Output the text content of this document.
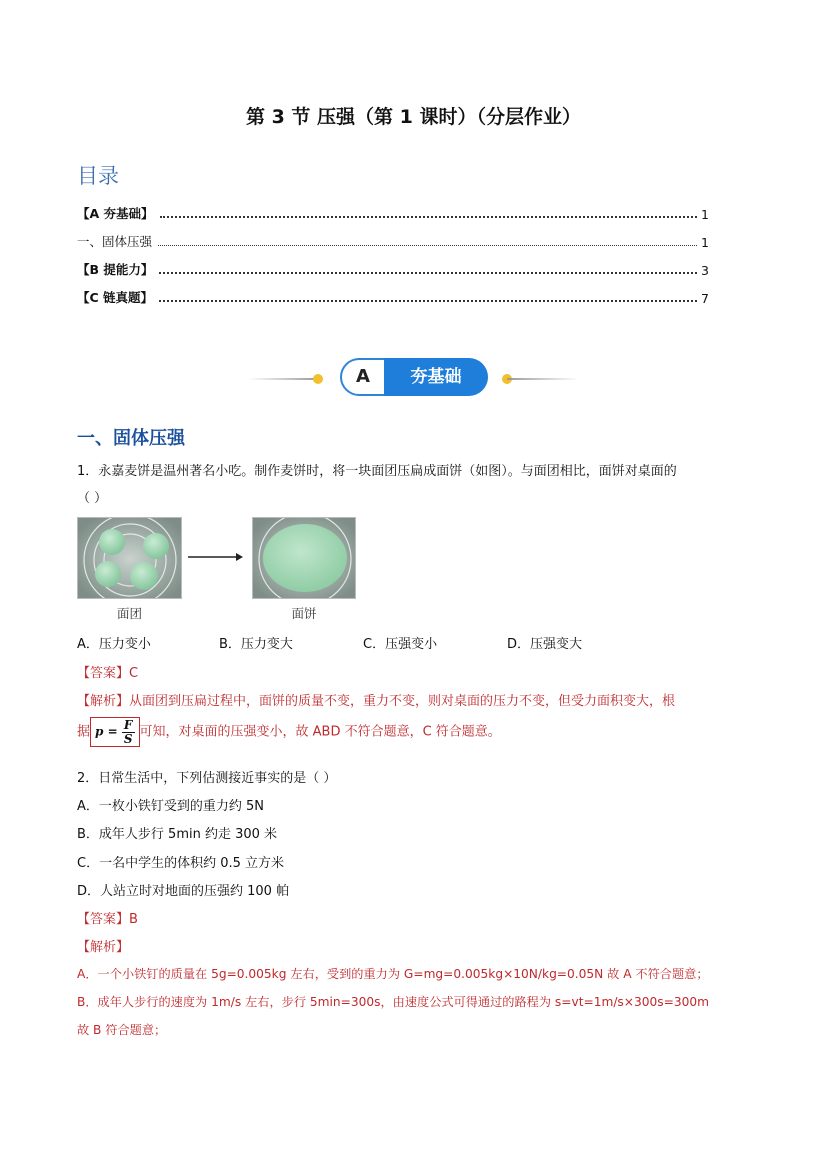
第 3 节 压强（第 1 课时）（分层作业）
目录
【A 夯基础】	1
一、固体压强	1
【B 提能力】	3
【C 链真题】	7
A	夯基础
一、固体压强
1．永嘉麦饼是温州著名小吃。制作麦饼时，将一块面团压扁成面饼（如图）。与面团相比，面饼对桌面的
（ ）
面团	面饼
A．压力变小	B．压力变大	C．压强变小	D．压强变大
【答案】C
【解析】从面团到压扁过程中，面饼的质量不变，重力不变，则对桌面的压力不变，但受力面积变大，根
据 $p = \frac{F}{S}$ 可知，对桌面的压强变小，故 ABD 不符合题意，C 符合题意。
2．日常生活中，下列估测接近事实的是（ ）
A．一枚小铁钉受到的重力约 5N
B．成年人步行 5min 约走 300 米
C．一名中学生的体积约 0.5 立方米
D．人站立时对地面的压强约 100 帕
【答案】B
【解析】
A．一个小铁钉的质量在 5g=0.005kg 左右，受到的重力为 G=mg=0.005kg×10N/kg=0.05N 故 A 不符合题意；
B．成年人步行的速度为 1m/s 左右，步行 5min=300s，由速度公式可得通过的路程为 s=vt=1m/s×300s=300m
故 B 符合题意；
